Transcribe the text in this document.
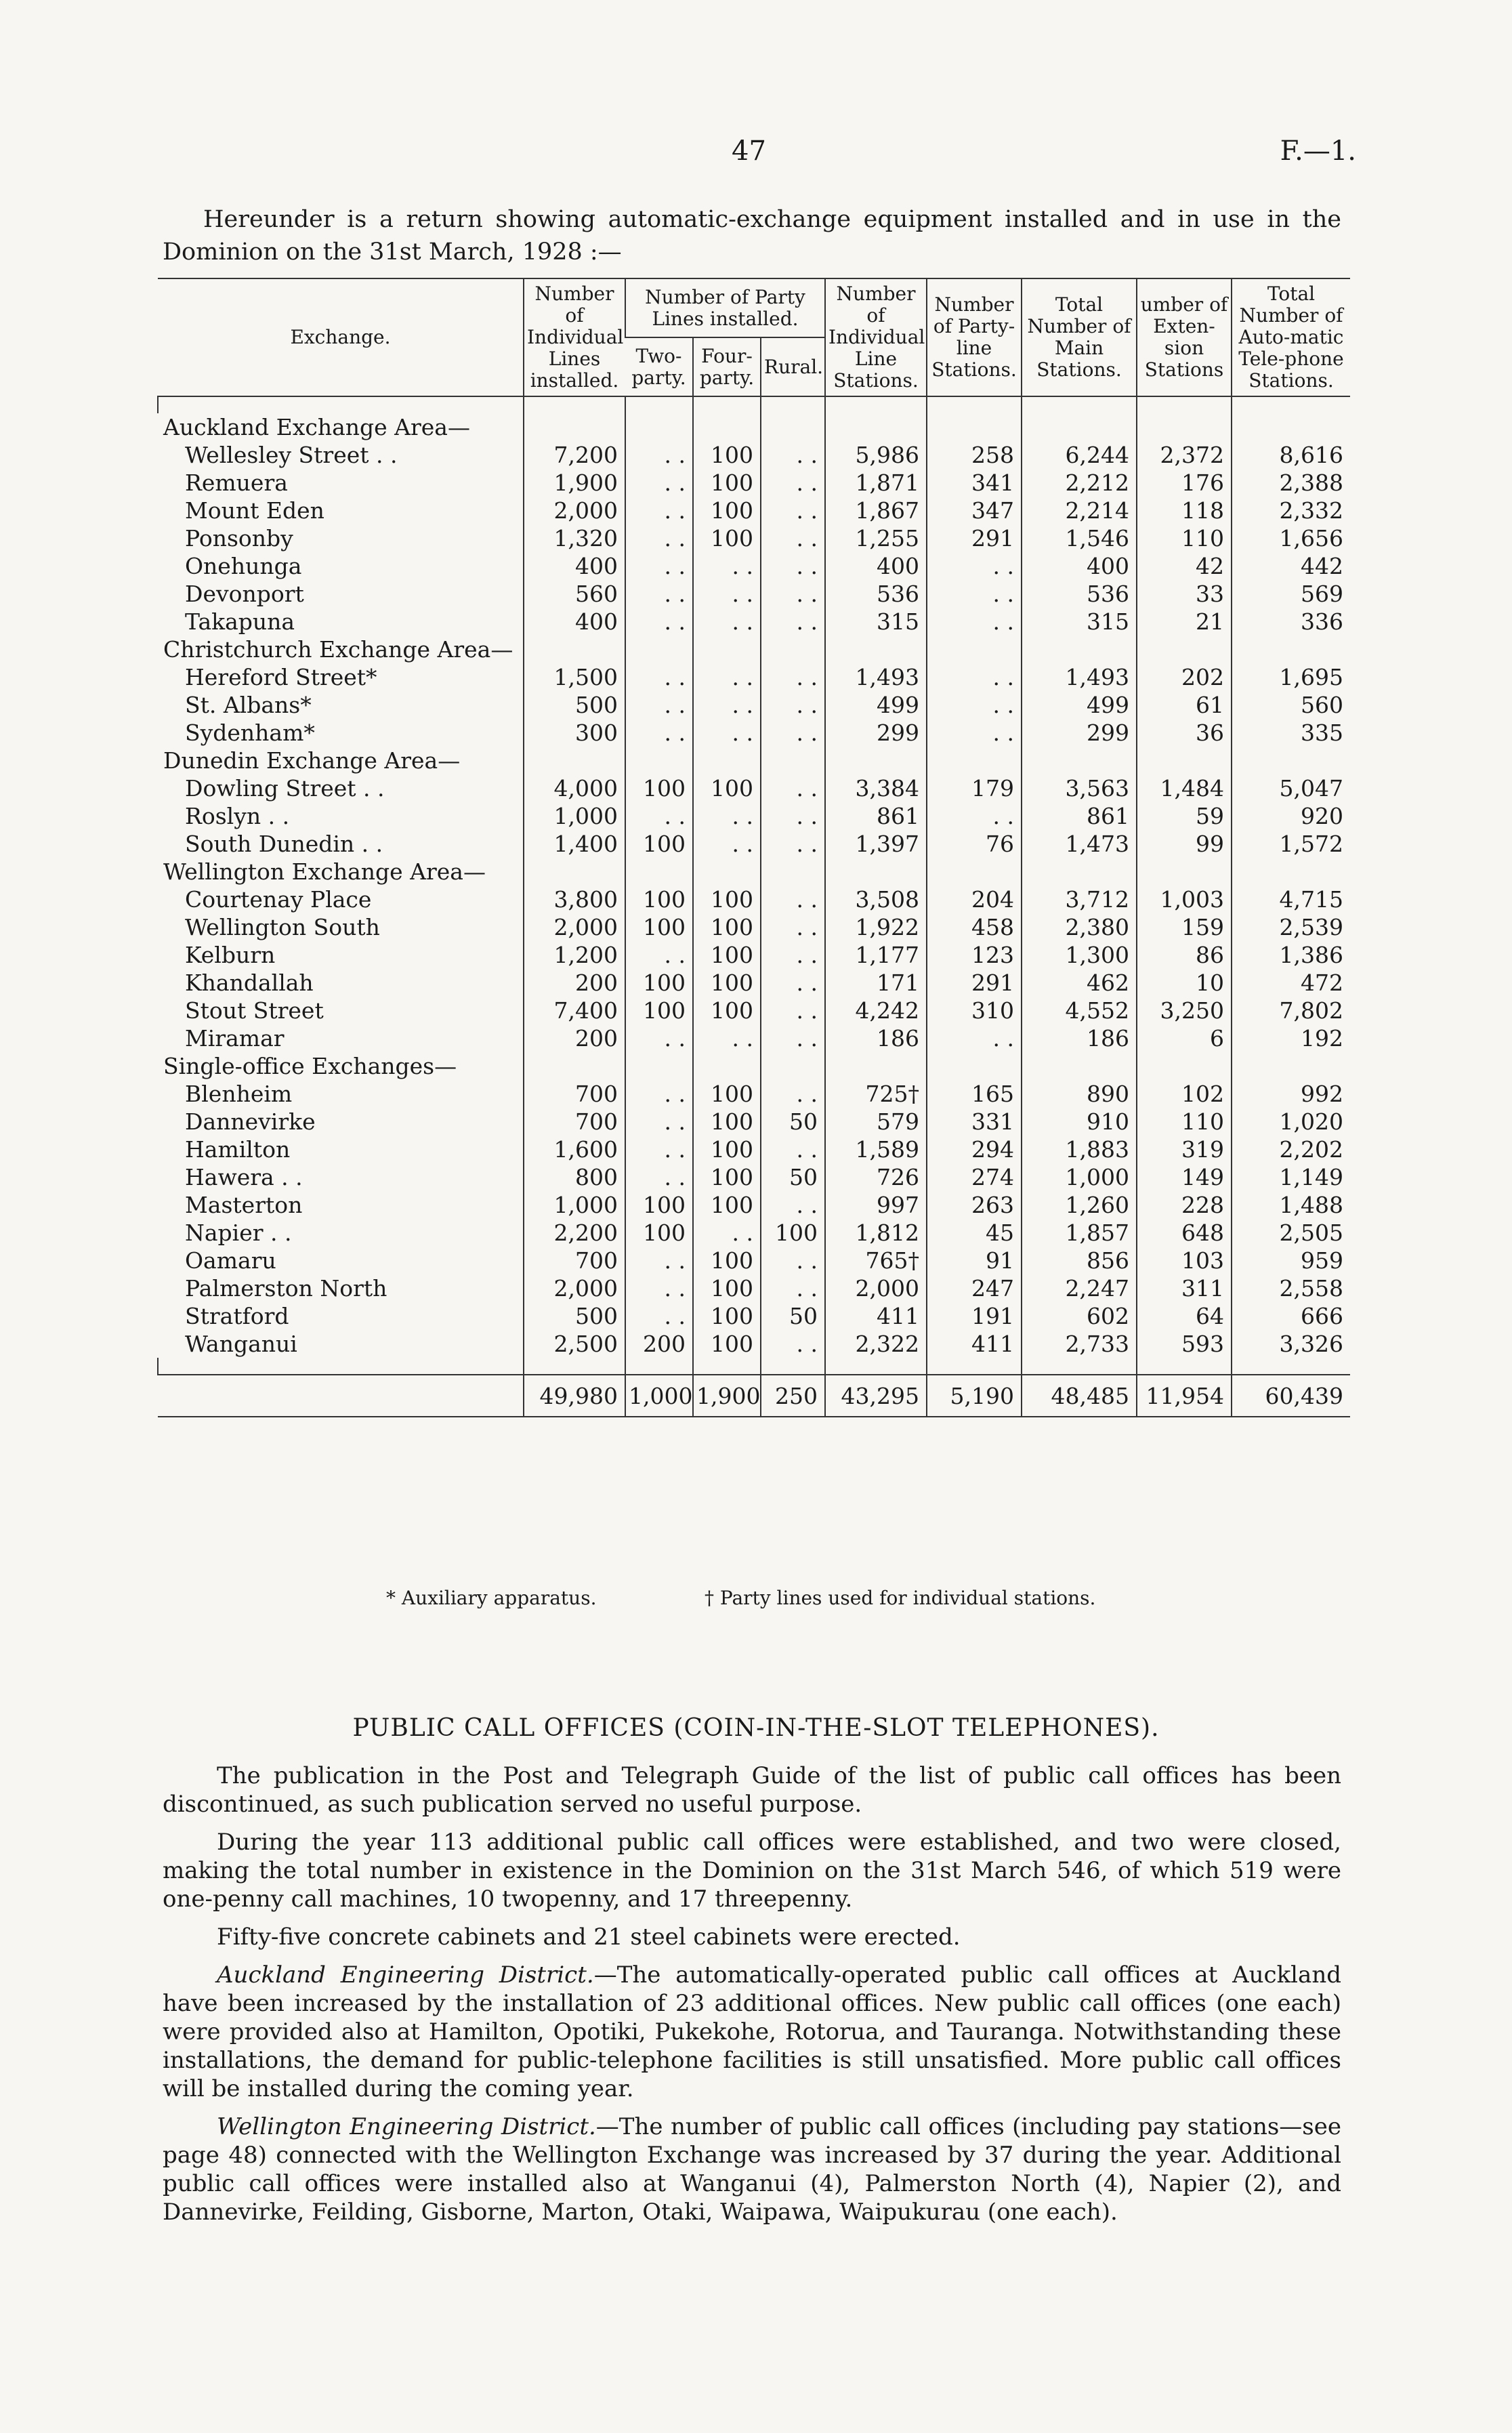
47	F.—1.

Hereunder is a return showing automatic-exchange equipment installed and in use in the Dominion on the 31st March, 1928 :—

Exchange.	Number of Individual Lines installed.	Number of Party Lines installed.			Number of Individual Line Stations.	Number of Party-line Stations.	Total Number of Main Stations.	umber of Exten-sion Stations	Total Number of Auto-matic Tele-phone Stations.
		Two-party.	Four-party.	Rural.					

Auckland Exchange Area—									
Wellesley Street . .	7,200	. .	100	. .	5,986	258	6,244	2,372	8,616
Remuera	1,900	. .	100	. .	1,871	341	2,212	176	2,388
Mount Eden	2,000	. .	100	. .	1,867	347	2,214	118	2,332
Ponsonby	1,320	. .	100	. .	1,255	291	1,546	110	1,656
Onehunga	400	. .	. .	. .	400	. .	400	42	442
Devonport	560	. .	. .	. .	536	. .	536	33	569
Takapuna	400	. .	. .	. .	315	. .	315	21	336
Christchurch Exchange Area—									
Hereford Street*	1,500	. .	. .	. .	1,493	. .	1,493	202	1,695
St. Albans*	500	. .	. .	. .	499	. .	499	61	560
Sydenham*	300	. .	. .	. .	299	. .	299	36	335
Dunedin Exchange Area—									
Dowling Street . .	4,000	100	100	. .	3,384	179	3,563	1,484	5,047
Roslyn . .	1,000	. .	. .	. .	861	. .	861	59	920
South Dunedin . .	1,400	100	. .	. .	1,397	76	1,473	99	1,572
Wellington Exchange Area—									
Courtenay Place	3,800	100	100	. .	3,508	204	3,712	1,003	4,715
Wellington South	2,000	100	100	. .	1,922	458	2,380	159	2,539
Kelburn	1,200	. .	100	. .	1,177	123	1,300	86	1,386
Khandallah	200	100	100	. .	171	291	462	10	472
Stout Street	7,400	100	100	. .	4,242	310	4,552	3,250	7,802
Miramar	200	. .	. .	. .	186	. .	186	6	192
Single-office Exchanges—									
Blenheim	700	. .	100	. .	725†	165	890	102	992
Dannevirke	700	. .	100	50	579	331	910	110	1,020
Hamilton	1,600	. .	100	. .	1,589	294	1,883	319	2,202
Hawera . .	800	. .	100	50	726	274	1,000	149	1,149
Masterton	1,000	100	100	. .	997	263	1,260	228	1,488
Napier . .	2,200	100	. .	100	1,812	45	1,857	648	2,505
Oamaru	700	. .	100	. .	765†	91	856	103	959
Palmerston North	2,000	. .	100	. .	2,000	247	2,247	311	2,558
Stratford	500	. .	100	50	411	191	602	64	666
Wanganui	2,500	200	100	. .	2,322	411	2,733	593	3,326

	49,980	1,000	1,900	250	43,295	5,190	48,485	11,954	60,439
* Auxiliary apparatus.	† Party lines used for individual stations.
PUBLIC CALL OFFICES (COIN-IN-THE-SLOT TELEPHONES).

The publication in the Post and Telegraph Guide of the list of public call offices has been discontinued, as such publication served no useful purpose.

During the year 113 additional public call offices were established, and two were closed, making the total number in existence in the Dominion on the 31st March 546, of which 519 were one-penny call machines, 10 twopenny, and 17 threepenny.

Fifty-five concrete cabinets and 21 steel cabinets were erected.

Auckland Engineering District.—The automatically-operated public call offices at Auckland have been increased by the installation of 23 additional offices. New public call offices (one each) were provided also at Hamilton, Opotiki, Pukekohe, Rotorua, and Tauranga. Notwithstanding these installations, the demand for public-telephone facilities is still unsatisfied. More public call offices will be installed during the coming year.

Wellington Engineering District.—The number of public call offices (including pay stations—see page 48) connected with the Wellington Exchange was increased by 37 during the year. Additional public call offices were installed also at Wanganui (4), Palmerston North (4), Napier (2), and Dannevirke, Feilding, Gisborne, Marton, Otaki, Waipawa, Waipukurau (one each).
